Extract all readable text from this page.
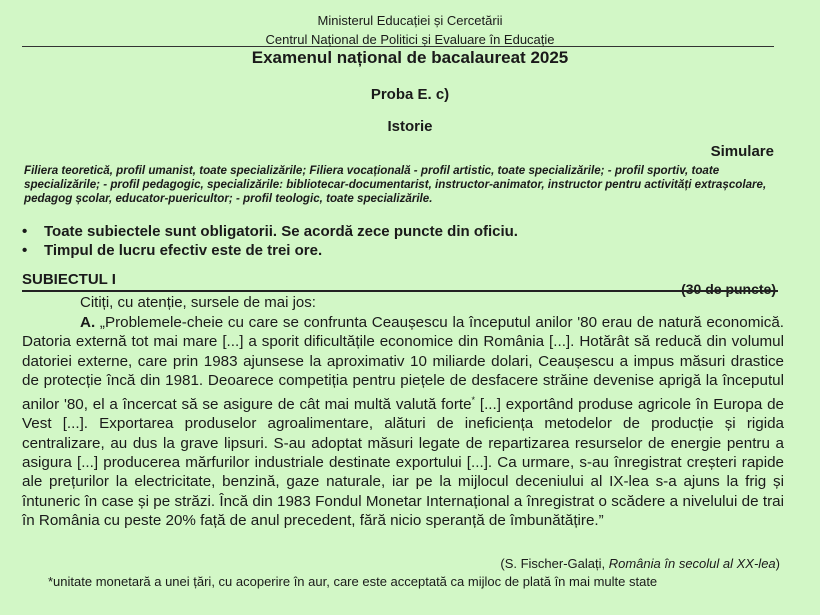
Ministerul Educației și Cercetării
Centrul Național de Politici și Evaluare în Educație
Examenul național de bacalaureat 2025
Proba E. c)
Istorie
Simulare
Filiera teoretică, profil umanist, toate specializările; Filiera vocațională - profil artistic, toate specializările; - profil sportiv, toate specializările; - profil pedagogic, specializările: bibliotecar-documentarist, instructor-animator, instructor pentru activități extrașcolare, pedagog școlar, educator-puericultor; - profil teologic, toate specializările.
• Toate subiectele sunt obligatorii. Se acordă zece puncte din oficiu.
• Timpul de lucru efectiv este de trei ore.
SUBIECTUL I
(30 de puncte)
Citiți, cu atenție, sursele de mai jos:
A. „Problemele-cheie cu care se confrunta Ceaușescu la începutul anilor '80 erau de natură economică. Datoria externă tot mai mare [...] a sporit dificultățile economice din România [...]. Hotărât să reducă din volumul datoriei externe, care prin 1983 ajunsese la aproximativ 10 miliarde dolari, Ceaușescu a impus măsuri drastice de protecție încă din 1981. Deoarece competiția pentru piețele de desfacere străine devenise aprigă la începutul anilor '80, el a încercat să se asigure de cât mai multă valută forte* [...] exportând produse agricole în Europa de Vest [...]. Exportarea produselor agroalimentare, alături de ineficiența metodelor de producție și rigida centralizare, au dus la grave lipsuri. S-au adoptat măsuri legate de repartizarea resurselor de energie pentru a asigura [...] producerea mărfurilor industriale destinate exportului [...]. Ca urmare, s-au înregistrat creșteri rapide ale prețurilor la electricitate, benzină, gaze naturale, iar pe la mijlocul deceniului al IX-lea s-a ajuns la frig și întuneric în case și pe străzi. Încă din 1983 Fondul Monetar Internațional a înregistrat o scădere a nivelului de trai în România cu peste 20% față de anul precedent, fără nicio speranță de îmbunătățire.”
(S. Fischer-Galați, România în secolul al XX-lea)
*unitate monetară a unei țări, cu acoperire în aur, care este acceptată ca mijloc de plată în mai multe state
